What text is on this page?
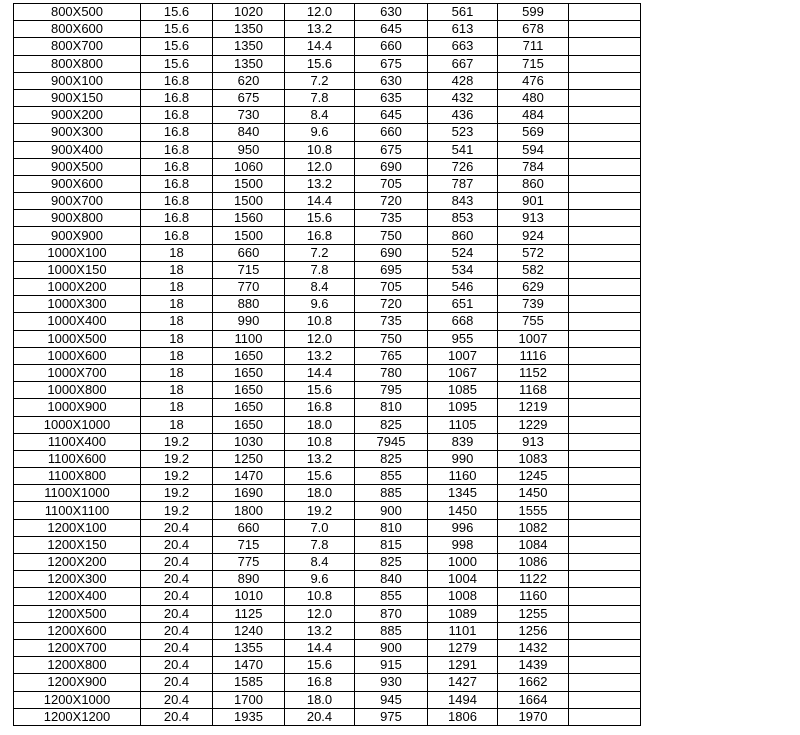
800X500	15.6	1020	12.0	630	561	599	
800X600	15.6	1350	13.2	645	613	678	
800X700	15.6	1350	14.4	660	663	711	
800X800	15.6	1350	15.6	675	667	715	
900X100	16.8	620	7.2	630	428	476	
900X150	16.8	675	7.8	635	432	480	
900X200	16.8	730	8.4	645	436	484	
900X300	16.8	840	9.6	660	523	569	
900X400	16.8	950	10.8	675	541	594	
900X500	16.8	1060	12.0	690	726	784	
900X600	16.8	1500	13.2	705	787	860	
900X700	16.8	1500	14.4	720	843	901	
900X800	16.8	1560	15.6	735	853	913	
900X900	16.8	1500	16.8	750	860	924	
1000X100	18	660	7.2	690	524	572	
1000X150	18	715	7.8	695	534	582	
1000X200	18	770	8.4	705	546	629	
1000X300	18	880	9.6	720	651	739	
1000X400	18	990	10.8	735	668	755	
1000X500	18	1100	12.0	750	955	1007	
1000X600	18	1650	13.2	765	1007	1116	
1000X700	18	1650	14.4	780	1067	1152	
1000X800	18	1650	15.6	795	1085	1168	
1000X900	18	1650	16.8	810	1095	1219	
1000X1000	18	1650	18.0	825	1105	1229	
1100X400	19.2	1030	10.8	7945	839	913	
1100X600	19.2	1250	13.2	825	990	1083	
1100X800	19.2	1470	15.6	855	1160	1245	
1100X1000	19.2	1690	18.0	885	1345	1450	
1100X1100	19.2	1800	19.2	900	1450	1555	
1200X100	20.4	660	7.0	810	996	1082	
1200X150	20.4	715	7.8	815	998	1084	
1200X200	20.4	775	8.4	825	1000	1086	
1200X300	20.4	890	9.6	840	1004	1122	
1200X400	20.4	1010	10.8	855	1008	1160	
1200X500	20.4	1125	12.0	870	1089	1255	
1200X600	20.4	1240	13.2	885	1101	1256	
1200X700	20.4	1355	14.4	900	1279	1432	
1200X800	20.4	1470	15.6	915	1291	1439	
1200X900	20.4	1585	16.8	930	1427	1662	
1200X1000	20.4	1700	18.0	945	1494	1664	
1200X1200	20.4	1935	20.4	975	1806	1970	
